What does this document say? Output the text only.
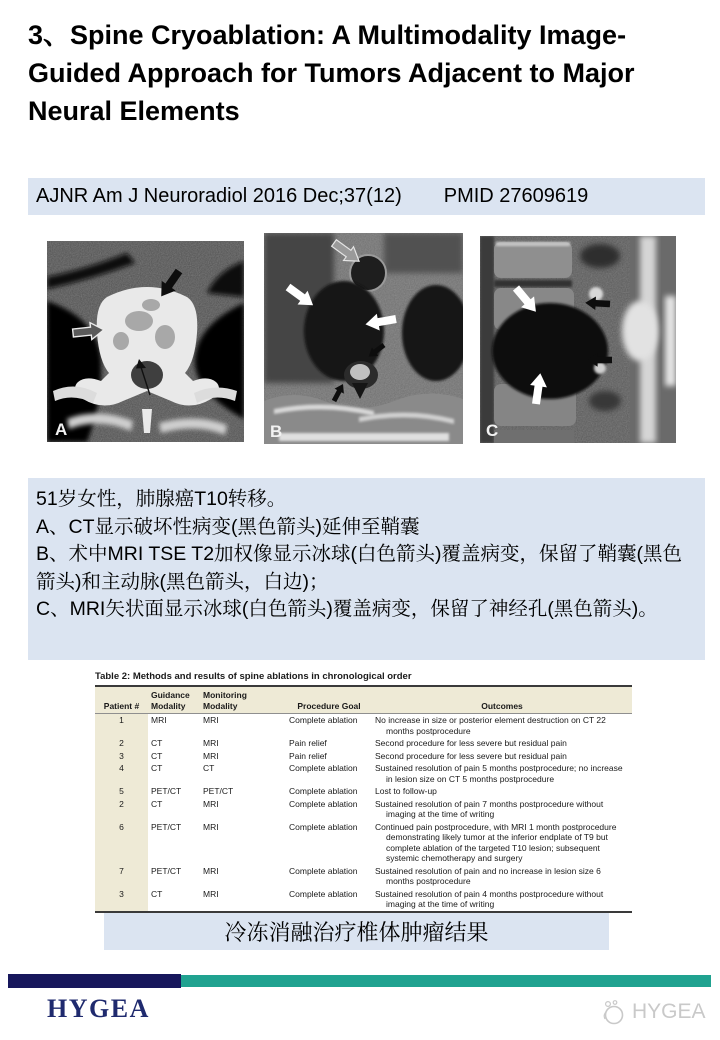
3、Spine Cryoablation: A Multimodality Image-
Guided Approach for Tumors Adjacent to Major
Neural Elements
AJNR Am J Neuroradiol 2016 Dec;37(12) PMID 27609619
A	B	C
51岁女性，肺腺癌T10转移。
A、CT显示破坏性病变(黑色箭头)延伸至鞘囊
B、术中MRI TSE T2加权像显示冰球(白色箭头)覆盖病变，保留了鞘囊(黑色箭头)和主动脉(黑色箭头，白边)；
C、MRI矢状面显示冰球(白色箭头)覆盖病变，保留了神经孔(黑色箭头)。
Table 2: Methods and results of spine ablations in chronological order
Patient #	Guidance Modality	Monitoring Modality	Procedure Goal	Outcomes
1	MRI	MRI	Complete ablation	No increase in size or posterior element destruction on CT 22 months postprocedure
2	CT	MRI	Pain relief	Second procedure for less severe but residual pain
3	CT	MRI	Pain relief	Second procedure for less severe but residual pain
4	CT	CT	Complete ablation	Sustained resolution of pain 5 months postprocedure; no increase in lesion size on CT 5 months postprocedure
5	PET/CT	PET/CT	Complete ablation	Lost to follow-up
2	CT	MRI	Complete ablation	Sustained resolution of pain 7 months postprocedure without imaging at the time of writing
6	PET/CT	MRI	Complete ablation	Continued pain postprocedure, with MRI 1 month postprocedure demonstrating likely tumor at the inferior endplate of T9 but complete ablation of the targeted T10 lesion; subsequent systemic chemotherapy and surgery
7	PET/CT	MRI	Complete ablation	Sustained resolution of pain and no increase in lesion size 6 months postprocedure
3	CT	MRI	Complete ablation	Sustained resolution of pain 4 months postprocedure without imaging at the time of writing
冷冻消融治疗椎体肿瘤结果
HYGEA	HYGEA
